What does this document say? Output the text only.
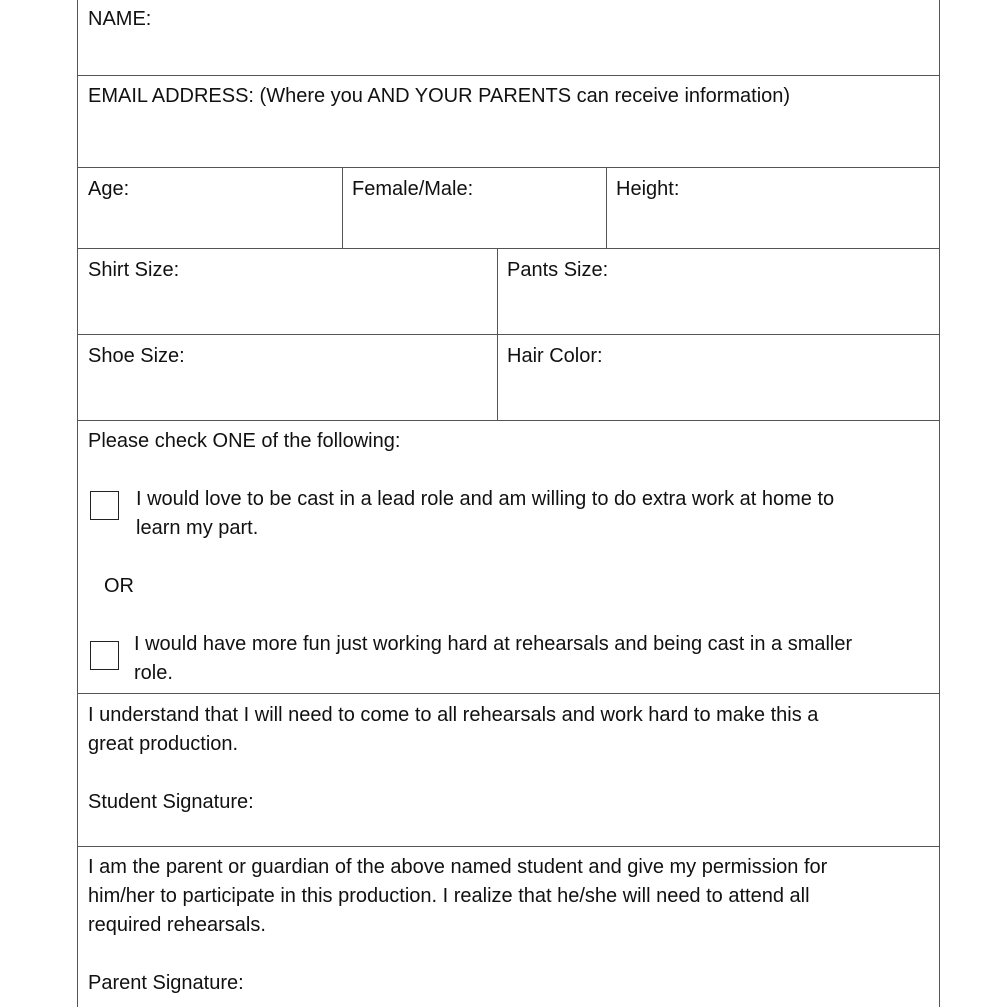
NAME:
EMAIL ADDRESS: (Where you AND YOUR PARENTS can receive information)
Age:	Female/Male:	Height:
Shirt Size:	Pants Size:
Shoe Size:	Hair Color:
Please check ONE of the following:
I would love to be cast in a lead role and am willing to do extra work at home to
learn my part.
OR
I would have more fun just working hard at rehearsals and being cast in a smaller
role.
I understand that I will need to come to all rehearsals and work hard to make this a
great production.
Student Signature:
I am the parent or guardian of the above named student and give my permission for
him/her to participate in this production. I realize that he/she will need to attend all
required rehearsals.
Parent Signature:
